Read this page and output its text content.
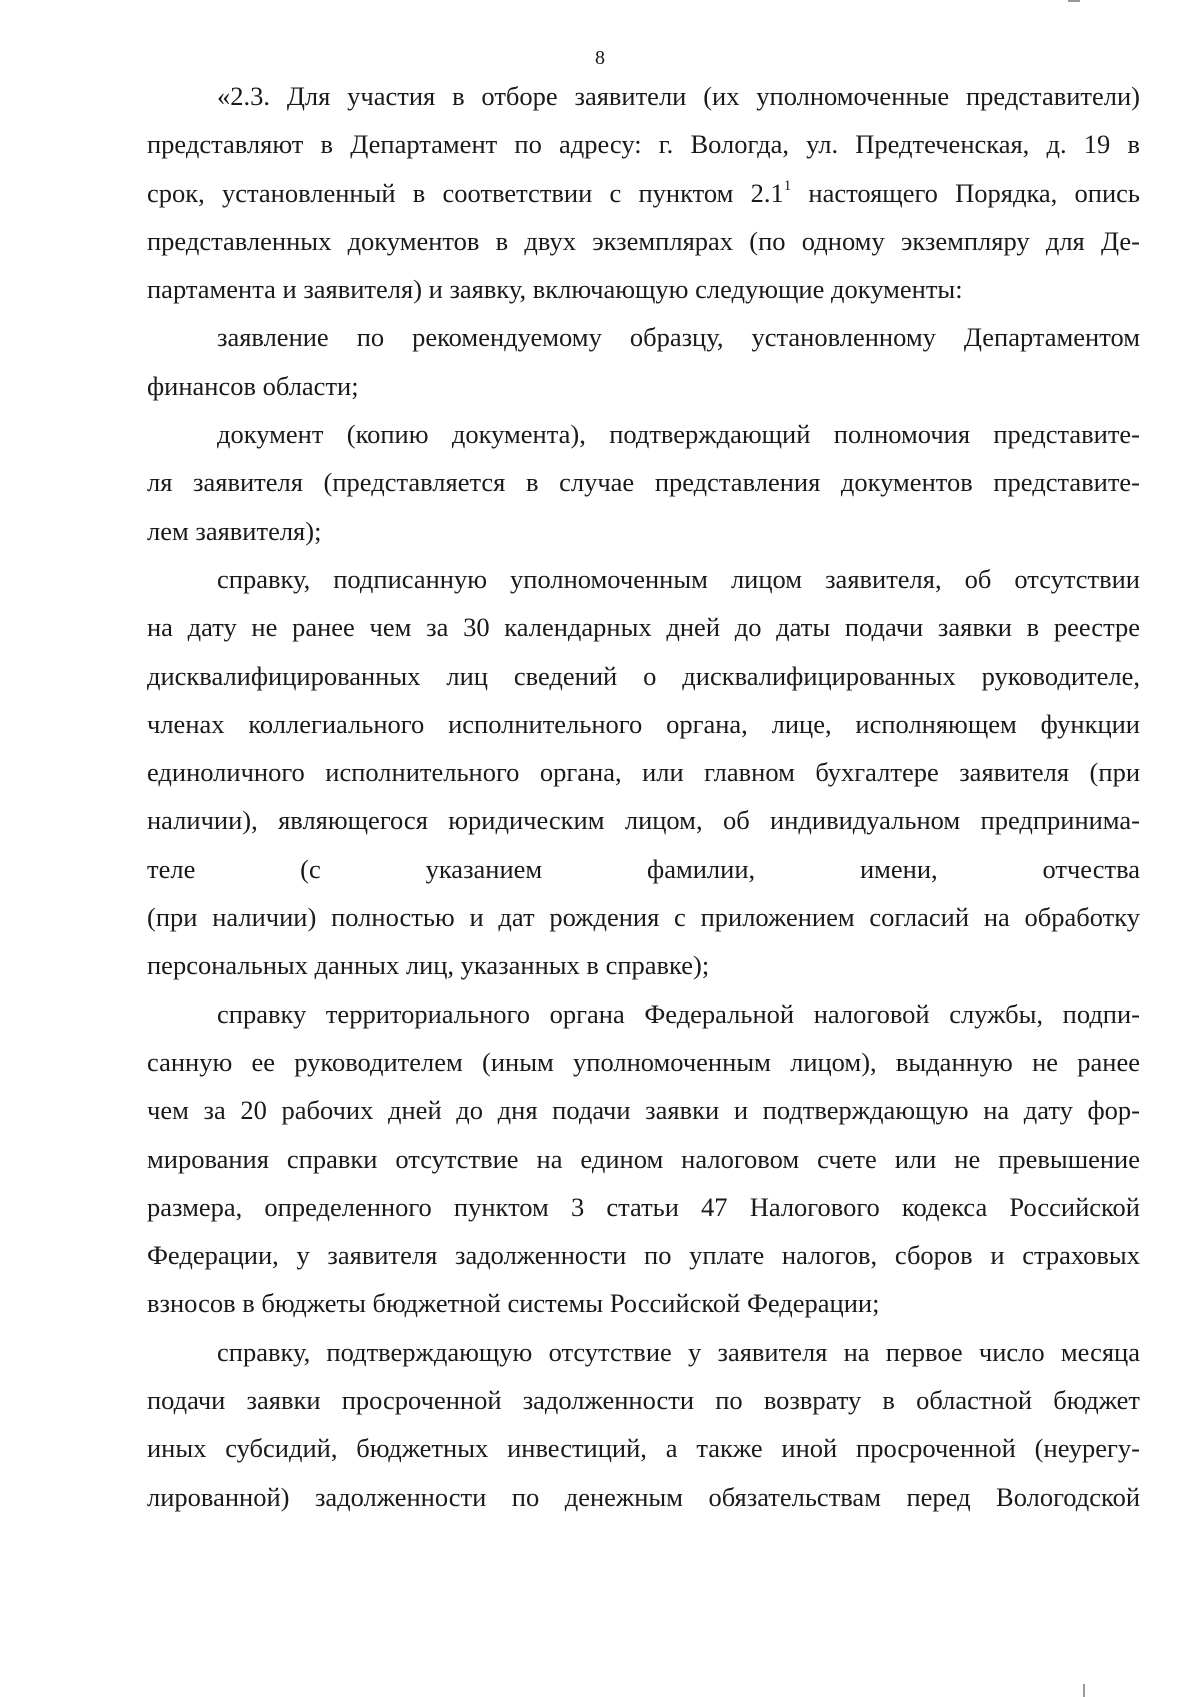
8

«2.3. Для участия в отборе заявители (их уполномоченные представители)
представляют в Департамент по адресу: г. Вологда, ул. Предтеченская, д. 19 в
срок, установленный в соответствии с пунктом $2.1^1$ настоящего Порядка, опись
представленных документов в двух экземплярах (по одному экземпляру для Де-
партамента и заявителя) и заявку, включающую следующие документы:

заявление по рекомендуемому образцу, установленному Департаментом
финансов области;

документ (копию документа), подтверждающий полномочия представите-
ля заявителя (представляется в случае представления документов представите-
лем заявителя);

справку, подписанную уполномоченным лицом заявителя, об отсутствии
на дату не ранее чем за 30 календарных дней до даты подачи заявки в реестре
дисквалифицированных лиц сведений о дисквалифицированных руководителе,
членах коллегиального исполнительного органа, лице, исполняющем функции
единоличного исполнительного органа, или главном бухгалтере заявителя (при
наличии), являющегося юридическим лицом, об индивидуальном предпринима-
теле (с указанием фамилии, имени, отчества
(при наличии) полностью и дат рождения с приложением согласий на обработку
персональных данных лиц, указанных в справке);

справку территориального органа Федеральной налоговой службы, подпи-
санную ее руководителем (иным уполномоченным лицом), выданную не ранее
чем за 20 рабочих дней до дня подачи заявки и подтверждающую на дату фор-
мирования справки отсутствие на едином налоговом счете или не превышение
размера, определенного пунктом 3 статьи 47 Налогового кодекса Российской
Федерации, у заявителя задолженности по уплате налогов, сборов и страховых
взносов в бюджеты бюджетной системы Российской Федерации;

справку, подтверждающую отсутствие у заявителя на первое число месяца
подачи заявки просроченной задолженности по возврату в областной бюджет
иных субсидий, бюджетных инвестиций, а также иной просроченной (неурегу-
лированной) задолженности по денежным обязательствам перед Вологодской
